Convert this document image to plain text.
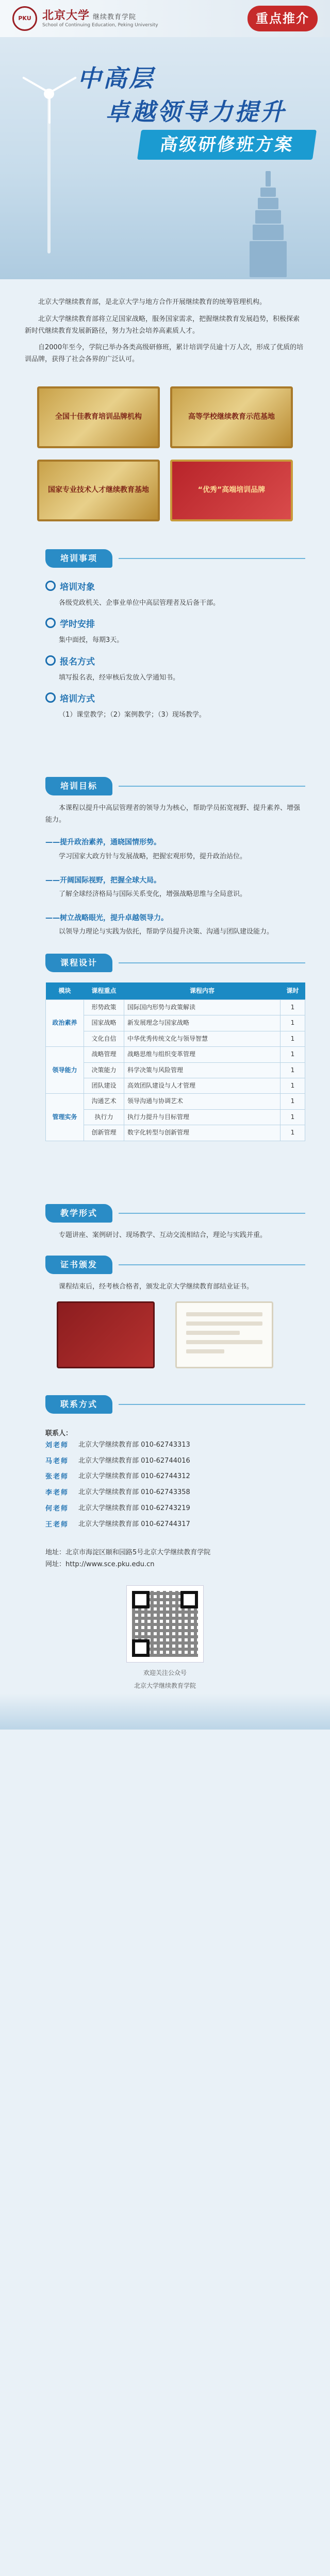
PKU 北京大学 继续教育学院
School of Continuing Education, Peking University	重点推介
中高层
卓越领导力提升
高级研修班方案

北京大学继续教育部，是北京大学与地方合作开展继续教育的统筹管理机构。

北京大学继续教育部将立足国家战略，服务国家需求，把握继续教育发展趋势，积极探索新时代继续教育发展新路径，努力为社会培养高素质人才。

自2000年至今，学院已举办各类高级研修班，累计培训学员逾十万人次，形成了优质的培训品牌，获得了社会各界的广泛认可。

全国十佳教育培训品牌机构	高等学校继续教育示范基地
国家专业技术人才继续教育基地	“优秀”高端培训品牌
培训事项
培训对象

各级党政机关、企事业单位中高层管理者及后备干部。

学时安排

集中面授，每期3天。

报名方式

填写报名表，经审核后发放入学通知书。

培训方式

（1）课堂教学；（2）案例教学；（3）现场教学。

培训目标

本课程以提升中高层管理者的领导力为核心，帮助学员拓宽视野、提升素养、增强能力。

——提升政治素养，通晓国情形势。
学习国家大政方针与发展战略，把握宏观形势，提升政治站位。
——开阔国际视野，把握全球大局。
了解全球经济格局与国际关系变化，增强战略思维与全局意识。
——树立战略眼光，提升卓越领导力。
以领导力理论与实践为依托，帮助学员提升决策、沟通与团队建设能力。
课程设计
模块	课程重点	课程内容	课时
政治素养	形势政策	国际国内形势与政策解读	1
	国家战略	新发展理念与国家战略	1
	文化自信	中华优秀传统文化与领导智慧	1
领导能力	战略管理	战略思维与组织变革管理	1
	决策能力	科学决策与风险管理	1
	团队建设	高效团队建设与人才管理	1
管理实务	沟通艺术	领导沟通与协调艺术	1
	执行力	执行力提升与目标管理	1
	创新管理	数字化转型与创新管理	1
教学形式

专题讲座、案例研讨、现场教学、互动交流相结合，理论与实践并重。

证书颁发

课程结束后，经考核合格者，颁发北京大学继续教育部结业证书。

联系方式
联系人：
刘老师	北京大学继续教育部 010-62743313
马老师	北京大学继续教育部 010-62744016
张老师	北京大学继续教育部 010-62744312
李老师	北京大学继续教育部 010-62743358
何老师	北京大学继续教育部 010-62743219
王老师	北京大学继续教育部 010-62744317
地址：北京市海淀区颐和园路5号北京大学继续教育学院
网址：http://www.sce.pku.edu.cn
欢迎关注公众号
北京大学继续教育学院
